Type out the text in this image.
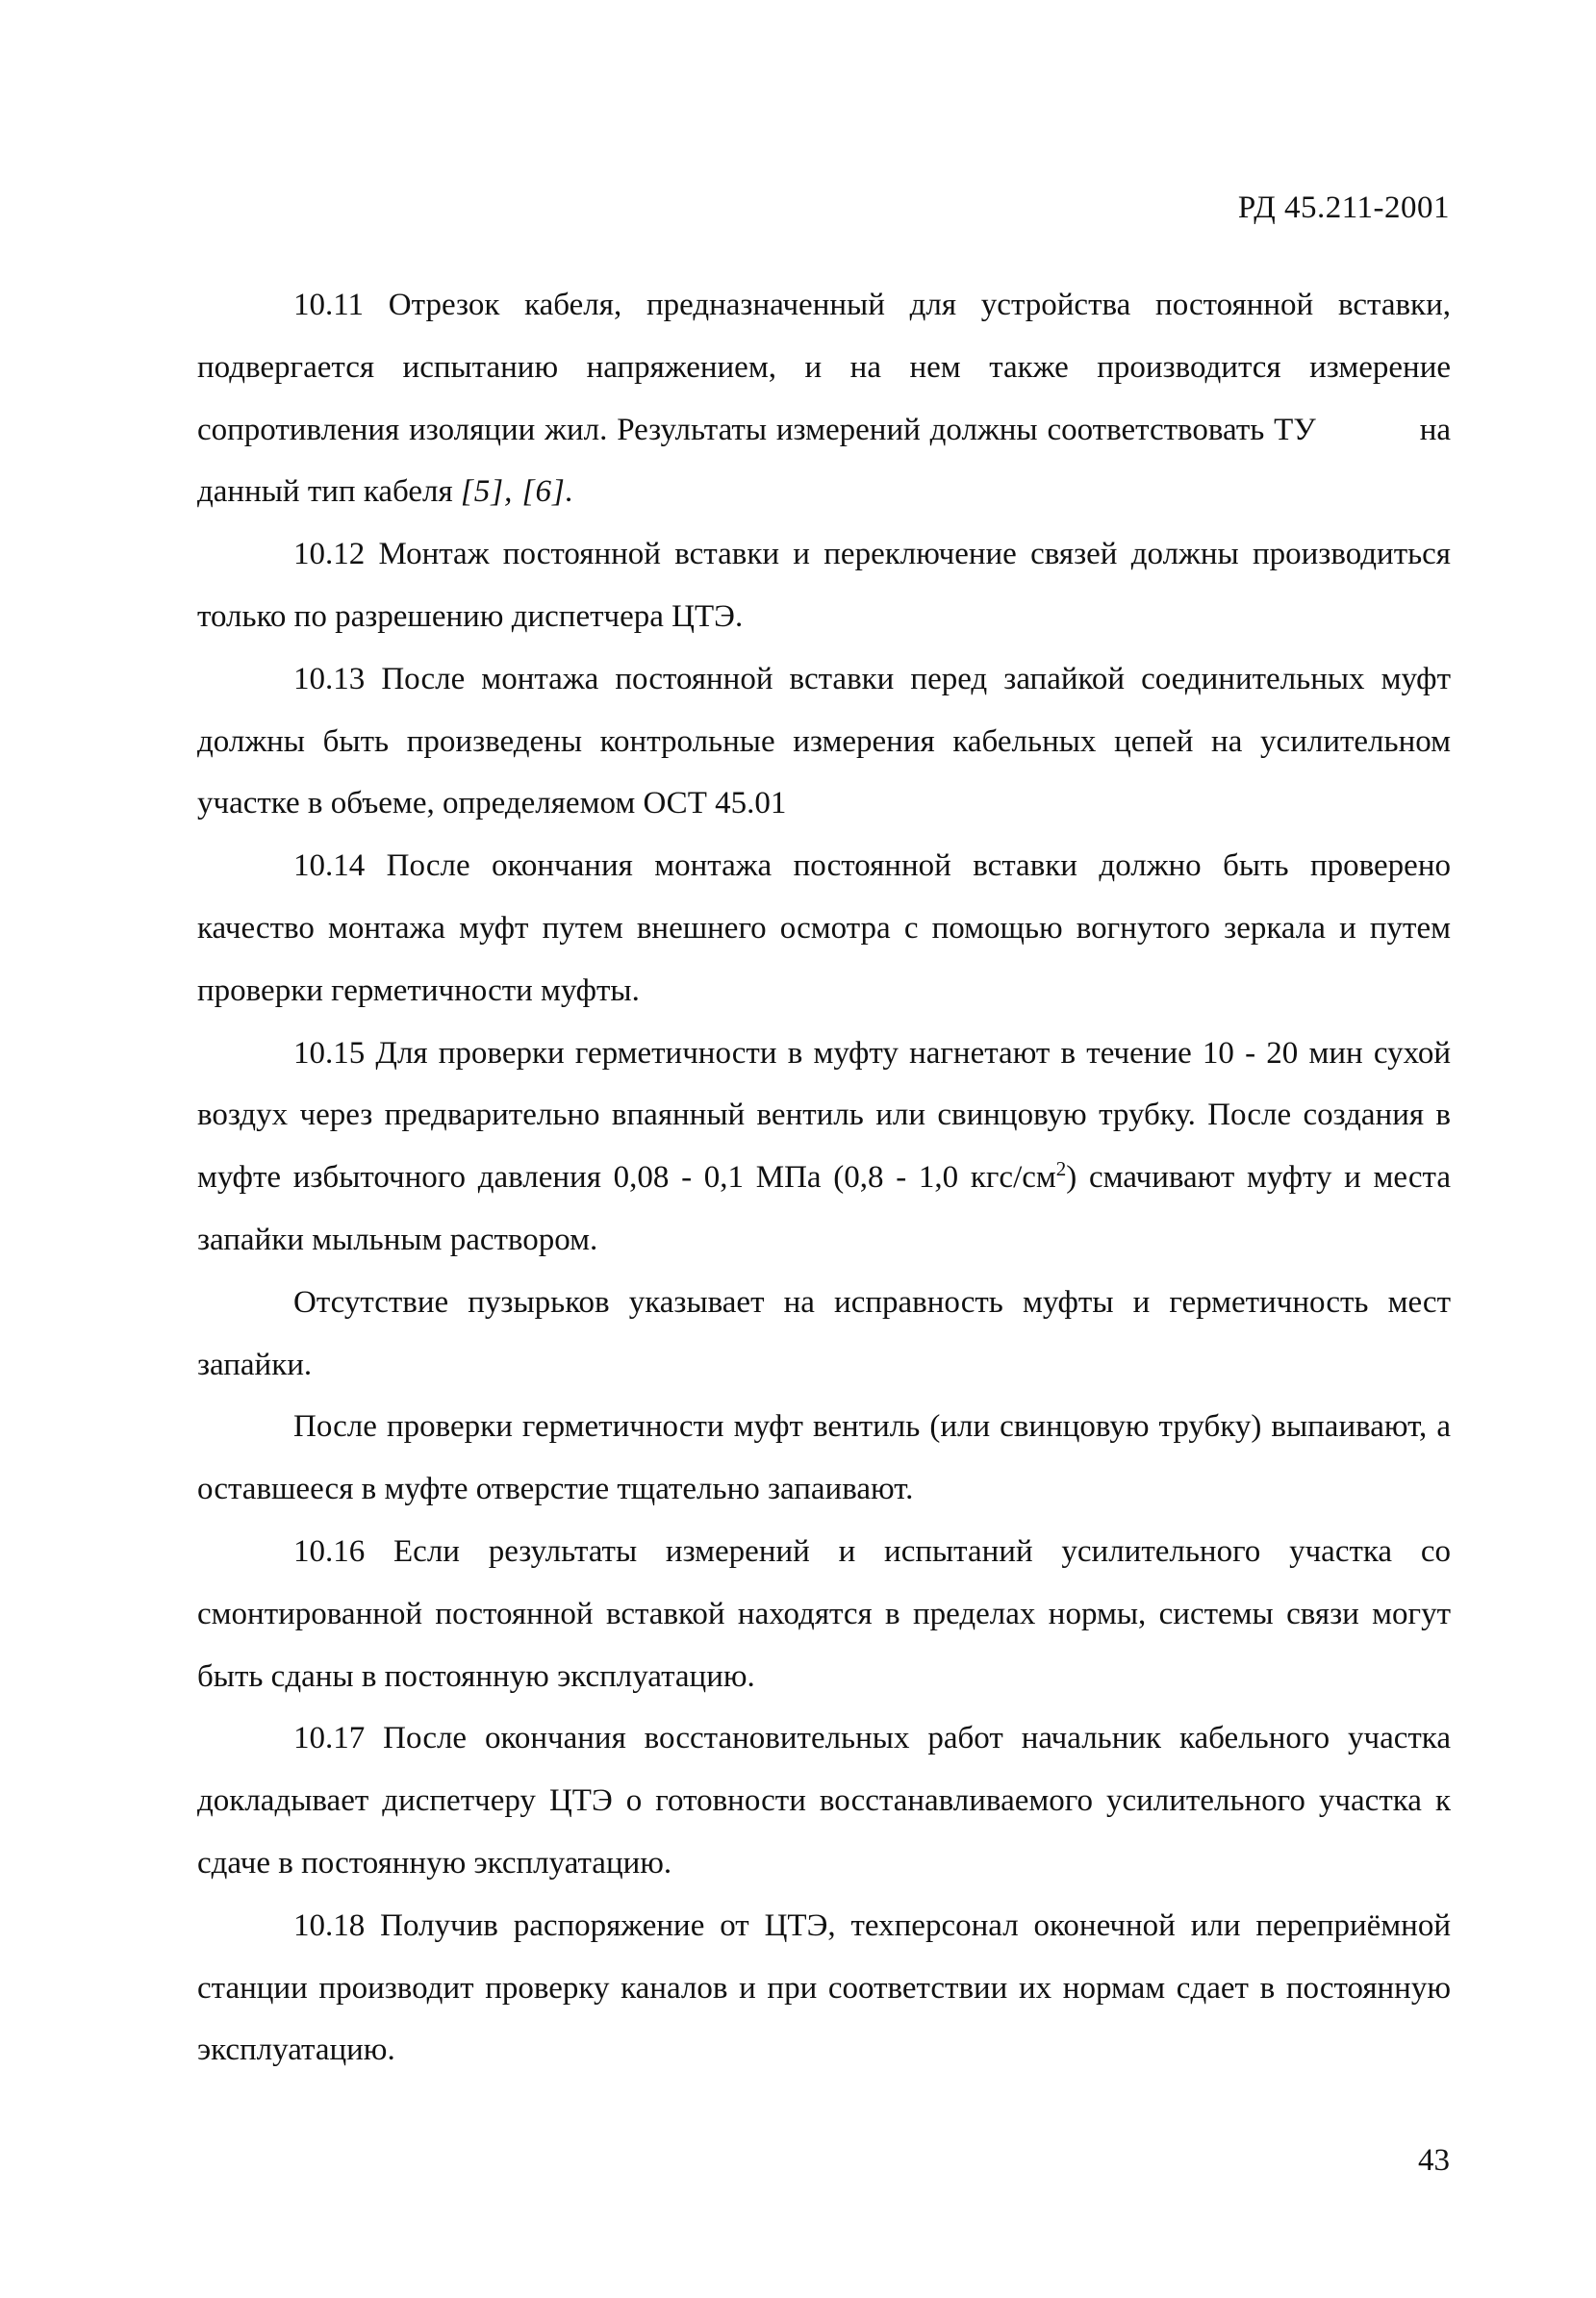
РД 45.211-2001

10.11 Отрезок кабеля, предназначенный для устройства постоянной вставки, подвергается испытанию напряжением, и на нем также производится измерение сопротивления изоляции жил. Результаты измерений должны соответствовать ТУ	на данный тип кабеля [5], [6].

10.12 Монтаж постоянной вставки и переключение связей должны производиться только по разрешению диспетчера ЦТЭ.

10.13 После монтажа постоянной вставки перед запайкой соединительных муфт должны быть произведены контрольные измерения кабельных цепей на усилительном участке в объеме, определяемом ОСТ 45.01

10.14 После окончания монтажа постоянной вставки должно быть проверено качество монтажа муфт путем внешнего осмотра с помощью вогнутого зеркала и путем проверки герметичности муфты.

10.15 Для проверки герметичности в муфту нагнетают в течение 10 - 20 мин сухой воздух через предварительно впаянный вентиль или свинцовую трубку. После создания в муфте избыточного давления 0,08 - 0,1 МПа (0,8 - 1,0 кгс/$см^2$) смачивают муфту и места запайки мыльным раствором.

Отсутствие пузырьков указывает на исправность муфты и герметичность мест запайки.

После проверки герметичности муфт вентиль (или свинцовую трубку) выпаивают, а оставшееся в муфте отверстие тщательно запаивают.

10.16 Если результаты измерений и испытаний усилительного участка со смонтированной постоянной вставкой находятся в пределах нормы, системы связи могут быть сданы в постоянную эксплуатацию.

10.17 После окончания восстановительных работ начальник кабельного участка докладывает диспетчеру ЦТЭ о готовности восстанавливаемого усилительного участка к сдаче в постоянную эксплуатацию.

10.18 Получив распоряжение от ЦТЭ, техперсонал оконечной или переприёмной станции производит проверку каналов и при соответствии их нормам сдает в постоянную эксплуатацию.

43
